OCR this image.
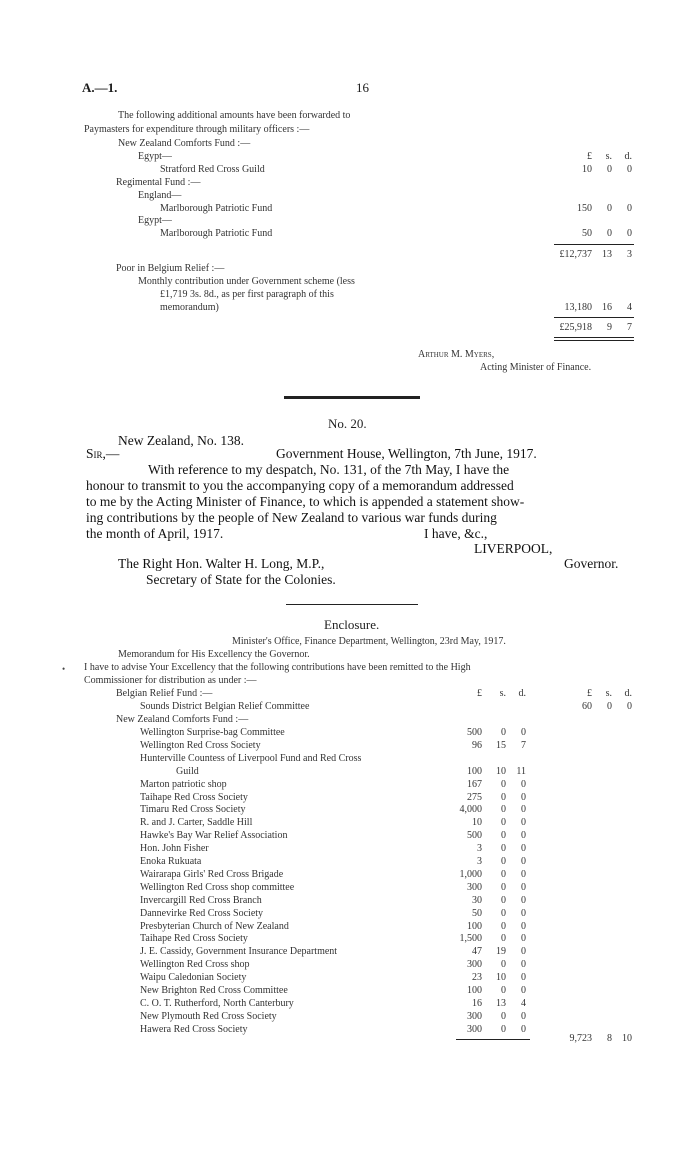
A.—1.	16
The following additional amounts have been forwarded to
Paymasters for expenditure through military officers :—
New Zealand Comforts Fund :—
Egypt—	£	s.	d.
Stratford Red Cross Guild	10	0	0
Regimental Fund :—
England—
Marlborough Patriotic Fund	150	0	0
Egypt—
Marlborough Patriotic Fund	50	0	0
£12,737	13	3
Poor in Belgium Relief :—
Monthly contribution under Government scheme (less
£1,719 3s. 8d., as per first paragraph of this
memorandum)	13,180	16	4
£25,918	9	7
Arthur M. Myers,
Acting Minister of Finance.
No. 20.
New Zealand, No. 138.
Sir,—	Government House, Wellington, 7th June, 1917.
With reference to my despatch, No. 131, of the 7th May, I have the
honour to transmit to you the accompanying copy of a memorandum addressed
to me by the Acting Minister of Finance, to which is appended a statement show-
ing contributions by the people of New Zealand to various war funds during
the month of April, 1917.	I have, &c.,
LIVERPOOL,
The Right Hon. Walter H. Long, M.P.,	Governor.
Secretary of State for the Colonies.
Enclosure.
Minister's Office, Finance Department, Wellington, 23rd May, 1917.
Memorandum for His Excellency the Governor.
I have to advise Your Excellency that the following contributions have been remitted to the High
Commissioner for distribution as under :—
Belgian Relief Fund :—	£	s.	d.	£	s.	d.
Sounds District Belgian Relief Committee	60	0	0
New Zealand Comforts Fund :—
Wellington Surprise-bag Committee	500	0	0
Wellington Red Cross Society	96	15	7
Hunterville Countess of Liverpool Fund and Red Cross
Guild	100	10	11
Marton patriotic shop	167	0	0
Taihape Red Cross Society	275	0	0
Timaru Red Cross Society	4,000	0	0
R. and J. Carter, Saddle Hill	10	0	0
Hawke's Bay War Relief Association	500	0	0
Hon. John Fisher	3	0	0
Enoka Rukuata	3	0	0
Wairarapa Girls' Red Cross Brigade	1,000	0	0
Wellington Red Cross shop committee	300	0	0
Invercargill Red Cross Branch	30	0	0
Dannevirke Red Cross Society	50	0	0
Presbyterian Church of New Zealand	100	0	0
Taihape Red Cross Society	1,500	0	0
J. E. Cassidy, Government Insurance Department	47	19	0
Wellington Red Cross shop	300	0	0
Waipu Caledonian Society	23	10	0
New Brighton Red Cross Committee	100	0	0
C. O. T. Rutherford, North Canterbury	16	13	4
New Plymouth Red Cross Society	300	0	0
Hawera Red Cross Society	300	0	0
9,723	8	10
•
